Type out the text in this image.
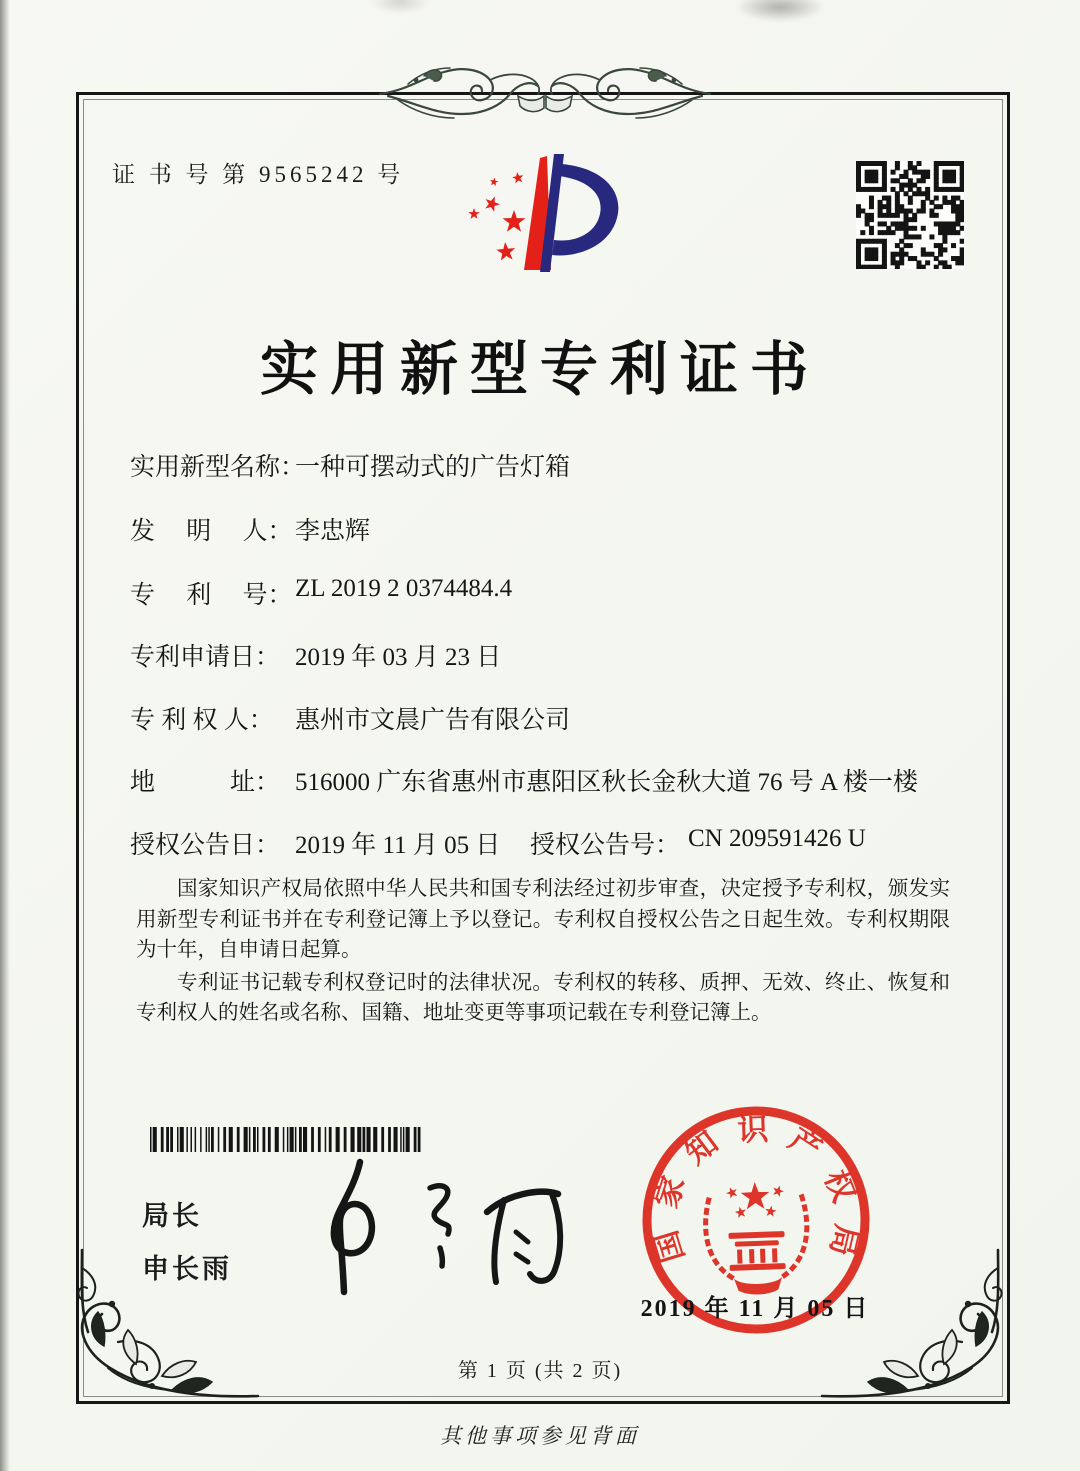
证 书 号 第 9565242 号
实用新型专利证书
实用新型名称：
一种可摆动式的广告灯箱
发　 明 　人： 李忠辉
专　 利 　号： ZL 2019 2 0374484.4
专利申请日： 2019 年 03 月 23 日
专 利 权 人： 惠州市文晨广告有限公司
地　　　址： 516000 广东省惠州市惠阳区秋长金秋大道 76 号 A 楼一楼
授权公告日： 2019 年 11 月 05 日 授权公告号： CN 209591426 U

国家知识产权局依照中华人民共和国专利法经过初步审查，决定授予专利权，颁发实用新型专利证书并在专利登记簿上予以登记。专利权自授权公告之日起生效。专利权期限为十年，自申请日起算。

专利证书记载专利权登记时的法律状况。专利权的转移、质押、无效、终止、恢复和专利权人的姓名或名称、国籍、地址变更等事项记载在专利登记簿上。

局长
申长雨
国
家
知 识 产
权
局
2019 年 11 月 05 日
第 1 页 (共 2 页)
其他事项参见背面
